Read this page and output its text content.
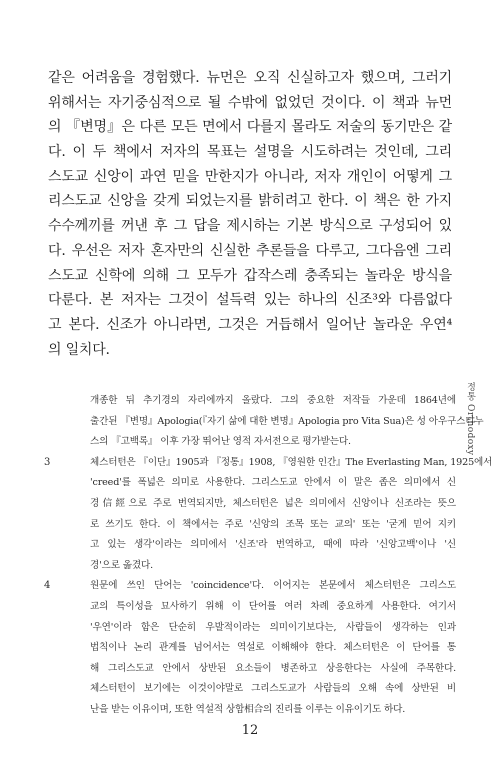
같은 어려움을 경험했다. 뉴먼은 오직 신실하고자 했으며, 그러기
위해서는 자기중심적으로 될 수밖에 없었던 것이다. 이 책과 뉴먼
의 『변명』은 다른 모든 면에서 다를지 몰라도 저술의 동기만은 같
다. 이 두 책에서 저자의 목표는 설명을 시도하려는 것인데, 그리
스도교 신앙이 과연 믿을 만한지가 아니라, 저자 개인이 어떻게 그
리스도교 신앙을 갖게 되었는지를 밝히려고 한다. 이 책은 한 가지
수수께끼를 꺼낸 후 그 답을 제시하는 기본 방식으로 구성되어 있
다. 우선은 저자 혼자만의 신실한 추론들을 다루고, 그다음엔 그리
스도교 신학에 의해 그 모두가 갑작스레 충족되는 놀라운 방식을
다룬다. 본 저자는 그것이 설득력 있는 하나의 신조³와 다름없다
고 본다. 신조가 아니라면, 그것은 거듭해서 일어난 놀라운 우연⁴
의 일치다.
정통 Orthodoxy
개종한 뒤 추기경의 자리에까지 올랐다. 그의 중요한 저작들 가운데 1864년에
출간된 『변명』Apologia(『자기 삶에 대한 변명』Apologia pro Vita Sua)은 성 아우구스티누
스의 『고백록』 이후 가장 뛰어난 영적 자서전으로 평가받는다.
3	체스터턴은 『이단』1905과 『정통』1908, 『영원한 인간』The Everlasting Man, 1925에서
'creed'를 폭넓은 의미로 사용한다. 그리스도교 안에서 이 말은 좁은 의미에서 신
경信經으로 주로 번역되지만, 체스터턴은 넓은 의미에서 신앙이나 신조라는 뜻으
로 쓰기도 한다. 이 책에서는 주로 '신앙의 조목 또는 교의' 또는 '굳게 믿어 지키
고 있는 생각'이라는 의미에서 '신조'라 번역하고, 때에 따라 '신앙고백'이나 '신
경'으로 옮겼다.
4	원문에 쓰인 단어는 'coincidence'다. 이어지는 본문에서 체스터턴은 그리스도
교의 특이성을 묘사하기 위해 이 단어를 여러 차례 중요하게 사용한다. 여기서
'우연'이라 함은 단순히 우발적이라는 의미이기보다는, 사람들이 생각하는 인과
법칙이나 논리 관계를 넘어서는 역설로 이해해야 한다. 체스터턴은 이 단어를 통
해 그리스도교 안에서 상반된 요소들이 병존하고 상응한다는 사실에 주목한다.
체스터턴이 보기에는 이것이야말로 그리스도교가 사람들의 오해 속에 상반된 비
난을 받는 이유이며, 또한 역설적 상합相合의 진리를 이루는 이유이기도 하다.
12
